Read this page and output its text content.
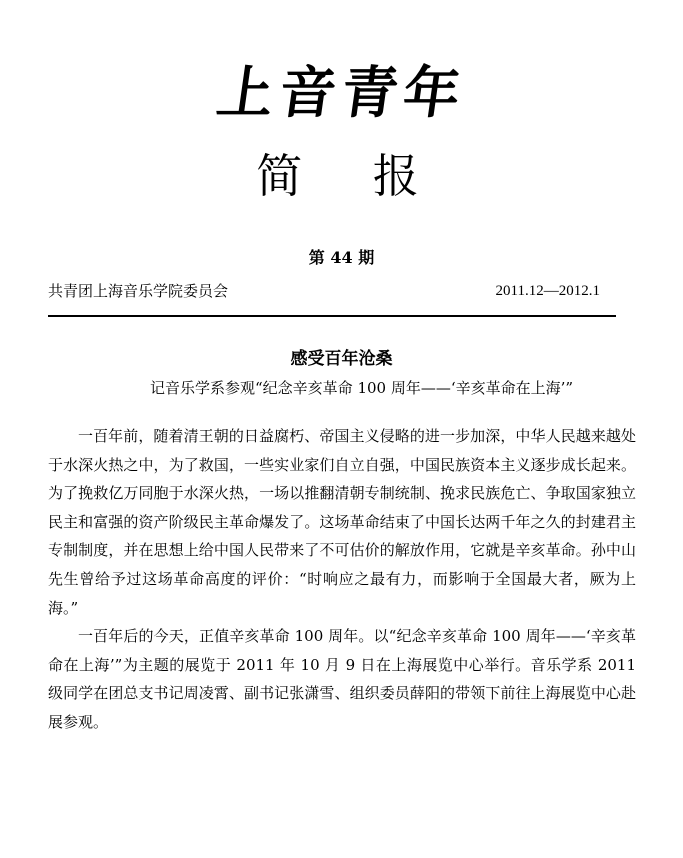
上音青年
简 报
第 44 期
共青团上海音乐学院委员会	2011.12—2012.1
感受百年沧桑
记音乐学系参观“纪念辛亥革命 100 周年——‘辛亥革命在上海’”

一百年前，随着清王朝的日益腐朽、帝国主义侵略的进一步加深，中华人民越来越处于水深火热之中，为了救国，一些实业家们自立自强，中国民族资本主义逐步成长起来。为了挽救亿万同胞于水深火热，一场以推翻清朝专制统制、挽求民族危亡、争取国家独立民主和富强的资产阶级民主革命爆发了。这场革命结束了中国长达两千年之久的封建君主专制制度，并在思想上给中国人民带来了不可估价的解放作用，它就是辛亥革命。孙中山先生曾给予过这场革命高度的评价：“时响应之最有力，而影响于全国最大者，厥为上海。”

一百年后的今天，正值辛亥革命 100 周年。以“纪念辛亥革命 100 周年——‘辛亥革命在上海’”为主题的展览于 2011 年 10 月 9 日在上海展览中心举行。音乐学系 2011 级同学在团总支书记周凌霄、副书记张潇雪、组织委员薛阳的带领下前往上海展览中心赴展参观。
